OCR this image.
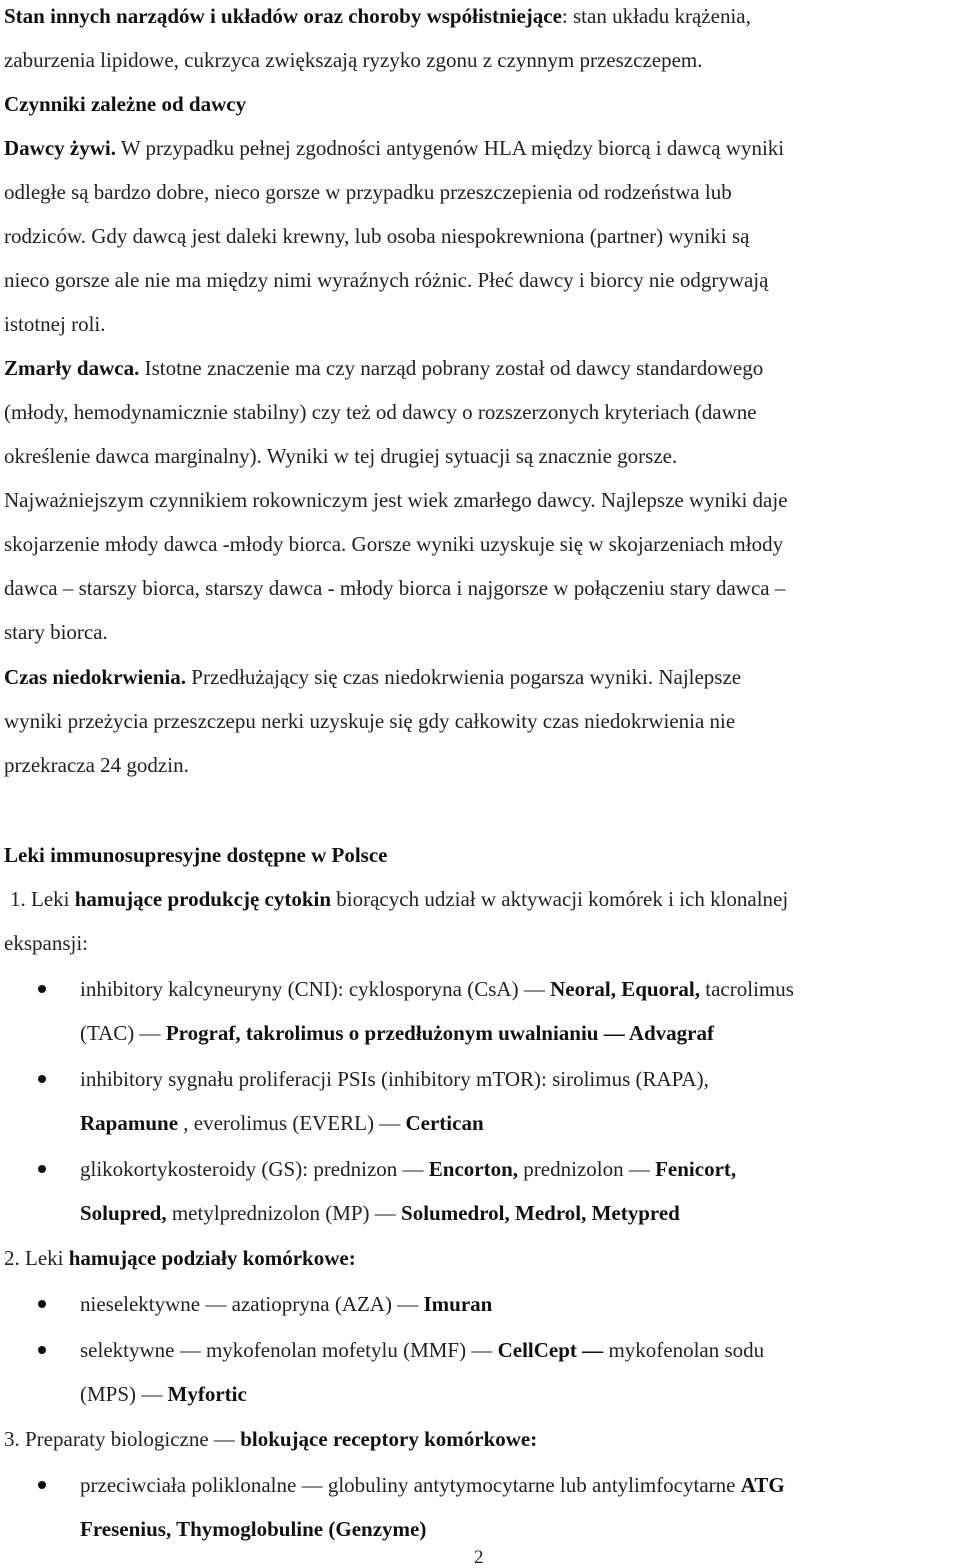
Stan innych narządów i układów oraz choroby współistniejące: stan układu krążenia,
zaburzenia lipidowe, cukrzyca zwiększają ryzyko zgonu z czynnym przeszczepem.
Czynniki zależne od dawcy
Dawcy żywi. W przypadku pełnej zgodności antygenów HLA między biorcą i dawcą wyniki
odległe są bardzo dobre, nieco gorsze w przypadku przeszczepienia od rodzeństwa lub
rodziców. Gdy dawcą jest daleki krewny, lub osoba niespokrewniona (partner) wyniki są
nieco gorsze ale nie ma między nimi wyraźnych różnic. Płeć dawcy i biorcy nie odgrywają
istotnej roli.
Zmarły dawca. Istotne znaczenie ma czy narząd pobrany został od dawcy standardowego
(młody, hemodynamicznie stabilny) czy też od dawcy o rozszerzonych kryteriach (dawne
określenie dawca marginalny). Wyniki w tej drugiej sytuacji są znacznie gorsze.
Najważniejszym czynnikiem rokowniczym jest wiek zmarłego dawcy. Najlepsze wyniki daje
skojarzenie młody dawca -młody biorca. Gorsze wyniki uzyskuje się w skojarzeniach młody
dawca – starszy biorca, starszy dawca - młody biorca i najgorsze w połączeniu stary dawca –
stary biorca.
Czas niedokrwienia. Przedłużający się czas niedokrwienia pogarsza wyniki. Najlepsze
wyniki przeżycia przeszczepu nerki uzyskuje się gdy całkowity czas niedokrwienia nie
przekracza 24 godzin.
Leki immunosupresyjne dostępne w Polsce
1. Leki hamujące produkcję cytokin biorących udział w aktywacji komórek i ich klonalnej
ekspansji:
inhibitory kalcyneuryny (CNI): cyklosporyna (CsA) — Neoral, Equoral, tacrolimus
(TAC) — Prograf, takrolimus o przedłużonym uwalnianiu — Advagraf
inhibitory sygnału proliferacji PSIs (inhibitory mTOR): sirolimus (RAPA),
Rapamune , everolimus (EVERL) — Certican
glikokortykosteroidy (GS): prednizon — Encorton, prednizolon — Fenicort,
Solupred, metylprednizolon (MP) — Solumedrol, Medrol, Metypred
2. Leki hamujące podziały komórkowe:
nieselektywne — azatiopryna (AZA) — Imuran
selektywne — mykofenolan mofetylu (MMF) — CellCept — mykofenolan sodu
(MPS) — Myfortic
3. Preparaty biologiczne — blokujące receptory komórkowe:
przeciwciała poliklonalne — globuliny antytymocytarne lub antylimfocytarne ATG
Fresenius, Thymoglobuline (Genzyme)
2
